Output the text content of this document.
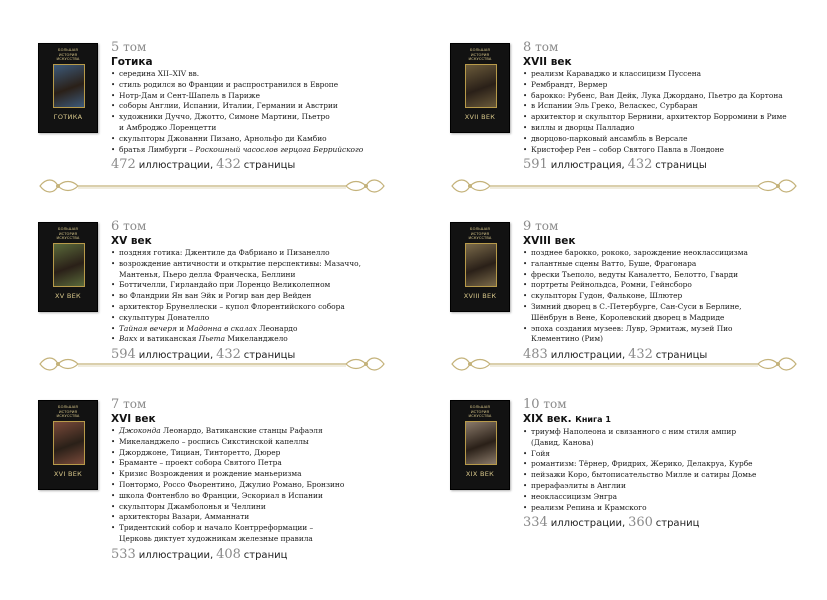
БОЛЬШАЯ
ИСТОРИЯ
ИСКУССТВА
ГОТИКА
5 том
Готика
• середина XII–XIV вв.
• стиль родился во Франции и распространился в Европе
• Нотр-Дам и Сент-Шапель в Париже
• соборы Англии, Испании, Италии, Германии и Австрии
• художники Дуччо, Джотто, Симоне Мартини, Пьетро
и Амброджо Лоренцетти
• скульпторы Джованни Пизано, Арнольфо ди Камбио
• братья Лимбурги – Роскошный часослов герцога Беррийского
472 иллюстрации, 432 страницы
БОЛЬШАЯ
ИСТОРИЯ
ИСКУССТВА
XVII ВЕК
8 том
XVII век
• реализм Караваджо и классицизм Пуссена
• Рембрандт, Вермер
• барокко: Рубенс, Ван Дейк, Лука Джордано, Пьетро да Кортона
• в Испании Эль Греко, Веласкес, Сурбаран
• архитектор и скульптор Бернини, архитектор Борромини в Риме
• виллы и дворцы Палладио
• дворцово-парковый ансамбль в Версале
• Кристофер Рен – собор Святого Павла в Лондоне
591 иллюстрация, 432 страницы
БОЛЬШАЯ
ИСТОРИЯ
ИСКУССТВА
XV ВЕК
6 том
XV век
• поздняя готика: Джентиле да Фабриано и Пизанелло
• возрождение античности и открытие перспективы: Мазаччо,
Мантенья, Пьеро делла Франческа, Беллини
• Боттичелли, Гирландайо при Лоренцо Великолепном
• во Фландрии Ян ван Эйк и Рогир ван дер Вейден
• архитектор Брунеллески – купол Флорентийского собора
• скульптуры Донателло
• Тайная вечеря и Мадонна в скалах Леонардо
• Вакх и ватиканская Пьета Микеланджело
594 иллюстрации, 432 страницы
БОЛЬШАЯ
ИСТОРИЯ
ИСКУССТВА
XVIII ВЕК
9 том
XVIII век
• позднее барокко, рококо, зарождение неоклассицизма
• галантные сцены Ватто, Буше, Фрагонара
• фрески Тьеполо, ведуты Каналетто, Белотто, Гварди
• портреты Рейнольдса, Ромни, Гейнсборо
• скульпторы Гудон, Фальконе, Шлютер
• Зимний дворец в С.-Петербурге, Сан-Суси в Берлине,
Шёнбрун в Вене, Королевский дворец в Мадриде
• эпоха создания музеев: Лувр, Эрмитаж, музей Пио
Клементино (Рим)
483 иллюстрации, 432 страницы
БОЛЬШАЯ
ИСТОРИЯ
ИСКУССТВА
XVI ВЕК
7 том
XVI век
• Джоконда Леонардо, Ватиканские станцы Рафаэля
• Микеланджело – роспись Сикстинской капеллы
• Джорджоне, Тициан, Тинторетто, Дюрер
• Браманте – проект собора Святого Петра
• Кризис Возрождения и рождение маньеризма
• Понтормо, Россо Фьорентино, Джулио Романо, Бронзино
• школа Фонтенбло во Франции, Эскориал в Испании
• скульпторы Джамболонья и Челлини
• архитекторы Вазари, Амманнати
• Тридентский собор и начало Контрреформации –
Церковь диктует художникам железные правила
533 иллюстрации, 408 страниц
БОЛЬШАЯ
ИСТОРИЯ
ИСКУССТВА
XIX ВЕК
10 том
XIX век. Книга 1
• триумф Наполеона и связанного с ним стиля ампир
(Давид, Канова)
• Гойя
• романтизм: Тёрнер, Фридрих, Жерико, Делакруа, Курбе
• пейзажи Коро, бытописательство Милле и сатиры Домье
• прерафаэлиты в Англии
• неоклассицизм Энгра
• реализм Репина и Крамского
334 иллюстрации, 360 страниц
